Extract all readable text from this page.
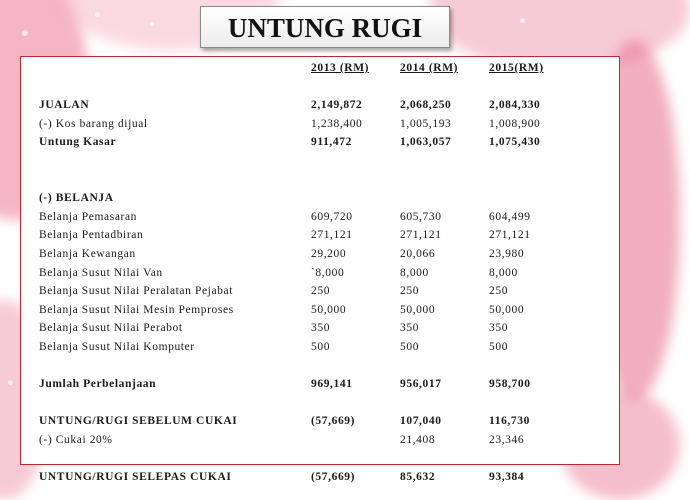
UNTUNG RUGI
	2013 (RM)	2014 (RM)	2015(RM)

JUALAN	2,149,872	2,068,250	2,084,330
(-) Kos barang dijual	1,238,400	1,005,193	1,008,900
Untung Kasar	911,472	1,063,057	1,075,430

(-) BELANJA			
Belanja Pemasaran	609,720	605,730	604,499
Belanja Pentadbiran	271,121	271,121	271,121
Belanja Kewangan	29,200	20,066	23,980
Belanja Susut Nilai Van	`8,000	8,000	8,000
Belanja Susut Nilai Peralatan Pejabat	250	250	250
Belanja Susut Nilai Mesin Pemproses	50,000	50,000	50,000
Belanja Susut Nilai Perabot	350	350	350
Belanja Susut Nilai Komputer	500	500	500

Jumlah Perbelanjaan	969,141	956,017	958,700

UNTUNG/RUGI SEBELUM CUKAI	(57,669)	107,040	116,730
(-) Cukai 20%		21,408	23,346

UNTUNG/RUGI SELEPAS CUKAI	(57,669)	85,632	93,384
